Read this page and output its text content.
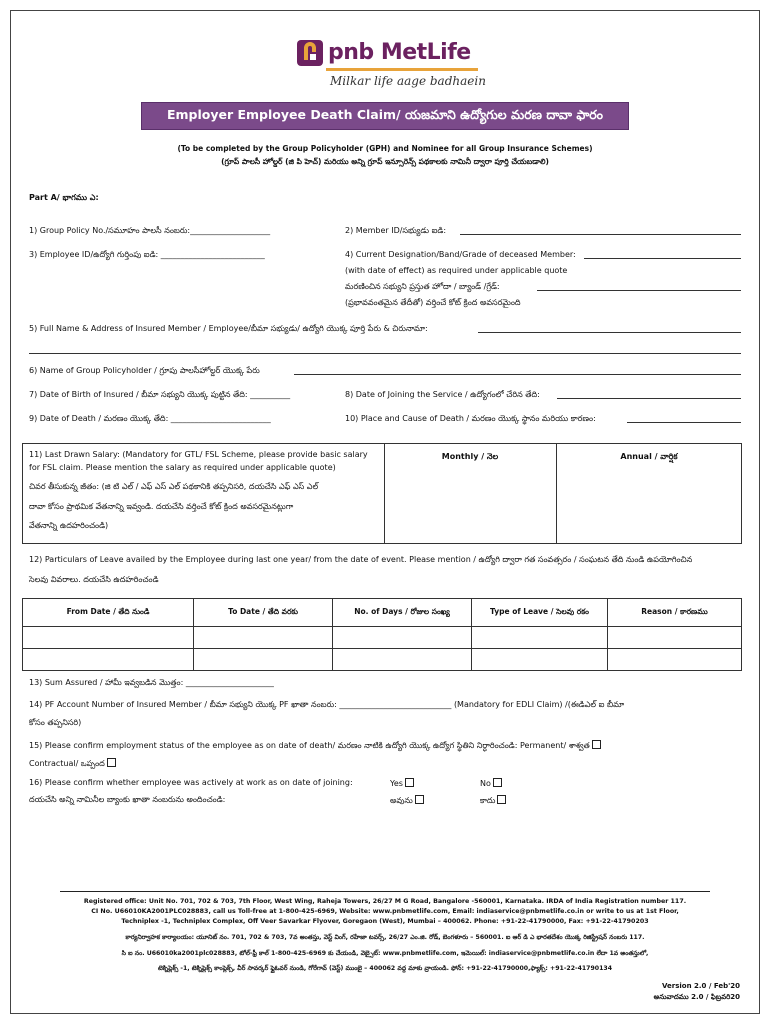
pnb MetLife
Milkar life aage badhaein
Employer Employee Death Claim/ యజమాని ఉద్యోగుల మరణ దావా ఫారం
(To be completed by the Group Policyholder (GPH) and Nominee for all Group Insurance Schemes)
(గ్రూప్ పాలసీ హోల్డర్ (జి పి హెచ్) మరియు అన్ని గ్రూప్ ఇన్సూరెన్స్ పథకాలకు నామినీ ద్వారా పూర్తి చేయబడాలి)
Part A/ భాగము ఎ:
1) Group Policy No./సమూహం పాలసీ నంబరు:____________________	2) Member ID/సభ్యుడు ఐడి:
3) Employee ID/ఉద్యోగి గుర్తింపు ఐడి: __________________________	4) Current Designation/Band/Grade of deceased Member:
(with date of effect) as required under applicable quote
మరణించిన సభ్యుని ప్రస్తుత హోదా / బ్యాండ్ /గ్రేడ్:
(ప్రభావవంతమైన తేదీతో) వర్తించే కోట్ క్రింద అవసరమైంది
5) Full Name & Address of Insured Member / Employee/బీమా సభ్యుడు/ ఉద్యోగి యొక్క పూర్తి పేరు & చిరునామా:
6) Name of Group Policyholder / గ్రూపు పాలసీహోల్డర్ యొక్క పేరు
7) Date of Birth of Insured / బీమా సభ్యుని యొక్క పుట్టిన తేది: __________	8) Date of Joining the Service / ఉద్యోగంలో చేరిన తేది:
9) Date of Death / మరణం యొక్క తేది: _________________________	10) Place and Cause of Death / మరణం యొక్క స్థానం మరియు కారణం:
11) Last Drawn Salary: (Mandatory for GTL/ FSL Scheme, please provide basic salary
for FSL claim. Please mention the salary as required under applicable quote)
చివర తీసుకున్న జీతం: (జి టి ఎల్ / ఎఫ్ ఎస్ ఎల్ పథకానికి తప్పనిసరి, దయచేసి ఎఫ్ ఎస్ ఎల్
దావా కోసం ప్రాథమిక వేతనాన్ని ఇవ్వండి. దయచేసి వర్తించే కోట్ క్రింద అవసరమైనట్లుగా
వేతనాన్ని ఉదహరించండి)
Monthly / నెల	Annual / వార్షిక
12) Particulars of Leave availed by the Employee during last one year/ from the date of event. Please mention / ఉద్యోగి ద్వారా గత సంవత్సరం / సంఘటన తేది నుండి ఉపయోగించిన
సెలవు వివరాలు. దయచేసి ఉదహరించండి
From Date / తేది నుండి	To Date / తేది వరకు	No. of Days / రోజుల సంఖ్య	Type of Leave / సెలవు రకం	Reason / కారణము
13) Sum Assured / హామీ ఇవ్వబడిన మొత్తం: ______________________
14) PF Account Number of Insured Member / బీమా సభ్యుని యొక్క PF ఖాతా నంబరు: ____________________________ (Mandatory for EDLI Claim) /(ఈడిఎల్ ఐ బీమా
కోసం తప్పనిసరి)
15) Please confirm employment status of the employee as on date of death/ మరణం నాటికి ఉద్యోగి యొక్క ఉద్యోగ స్థితిని నిర్ధారించండి: Permanent/ శాశ్వత
Contractual/ ఒప్పంద
16) Please confirm whether employee was actively at work as on date of joining:	Yes	No
దయచేసి అన్ని నామినీల బ్యాంకు ఖాతా నంబరును అందించండి:	అవును	కాదు
Registered office: Unit No. 701, 702 & 703, 7th Floor, West Wing, Raheja Towers, 26/27 M G Road, Bangalore -560001, Karnataka. IRDA of India Registration number 117.
CI No. U66010KA2001PLC028883, call us Toll-free at 1-800-425-6969, Website: www.pnbmetlife.com, Email: indiaservice@pnbmetlife.co.in or write to us at 1st Floor,
Techniplex -1, Techniplex Complex, Off Veer Savarkar Flyover, Goregaon (West), Mumbai – 400062. Phone: +91-22-41790000, Fax: +91-22-41790203
కార్యనిర్వాహక కార్యాలయం: యూనిట్ నం. 701, 702 & 703, 7వ అంతస్తు, వెస్ట్ వింగ్, రహేజా టవర్స్, 26/27 ఎం.జి. రోడ్, బెంగళూరు – 560001. ఐ ఆర్ డి ఎ భారతదేశం యొక్క రిజిస్ట్రేషన్ నంబరు 117.
సి ఐ నం. U66010ka2001plc028883, టోల్-ఫ్రీ కాల్ 1-800-425-6969 కు చేయండి, వెబ్సైట్: www.pnbmetlife.com, ఇమెయిల్: indiaservice@pnbmetlife.co.in లేదా 1వ అంతస్తులో,
టెక్నిప్లెక్స్ -1, టెక్నిప్లెక్స్ కాంప్లెక్స్, వీర్ సావర్కర్ ఫ్లైఓవర్ నుండి, గోరేగావ్ (వెస్ట్) ముంబై – 400062 వద్ద మాకు వ్రాయండి. ఫోన్: +91-22-41790000,ఫ్యాక్స్: +91-22-41790134
Version 2.0 / Feb'20
అనువాదము 2.0 / ఫిబ్రవరి20
